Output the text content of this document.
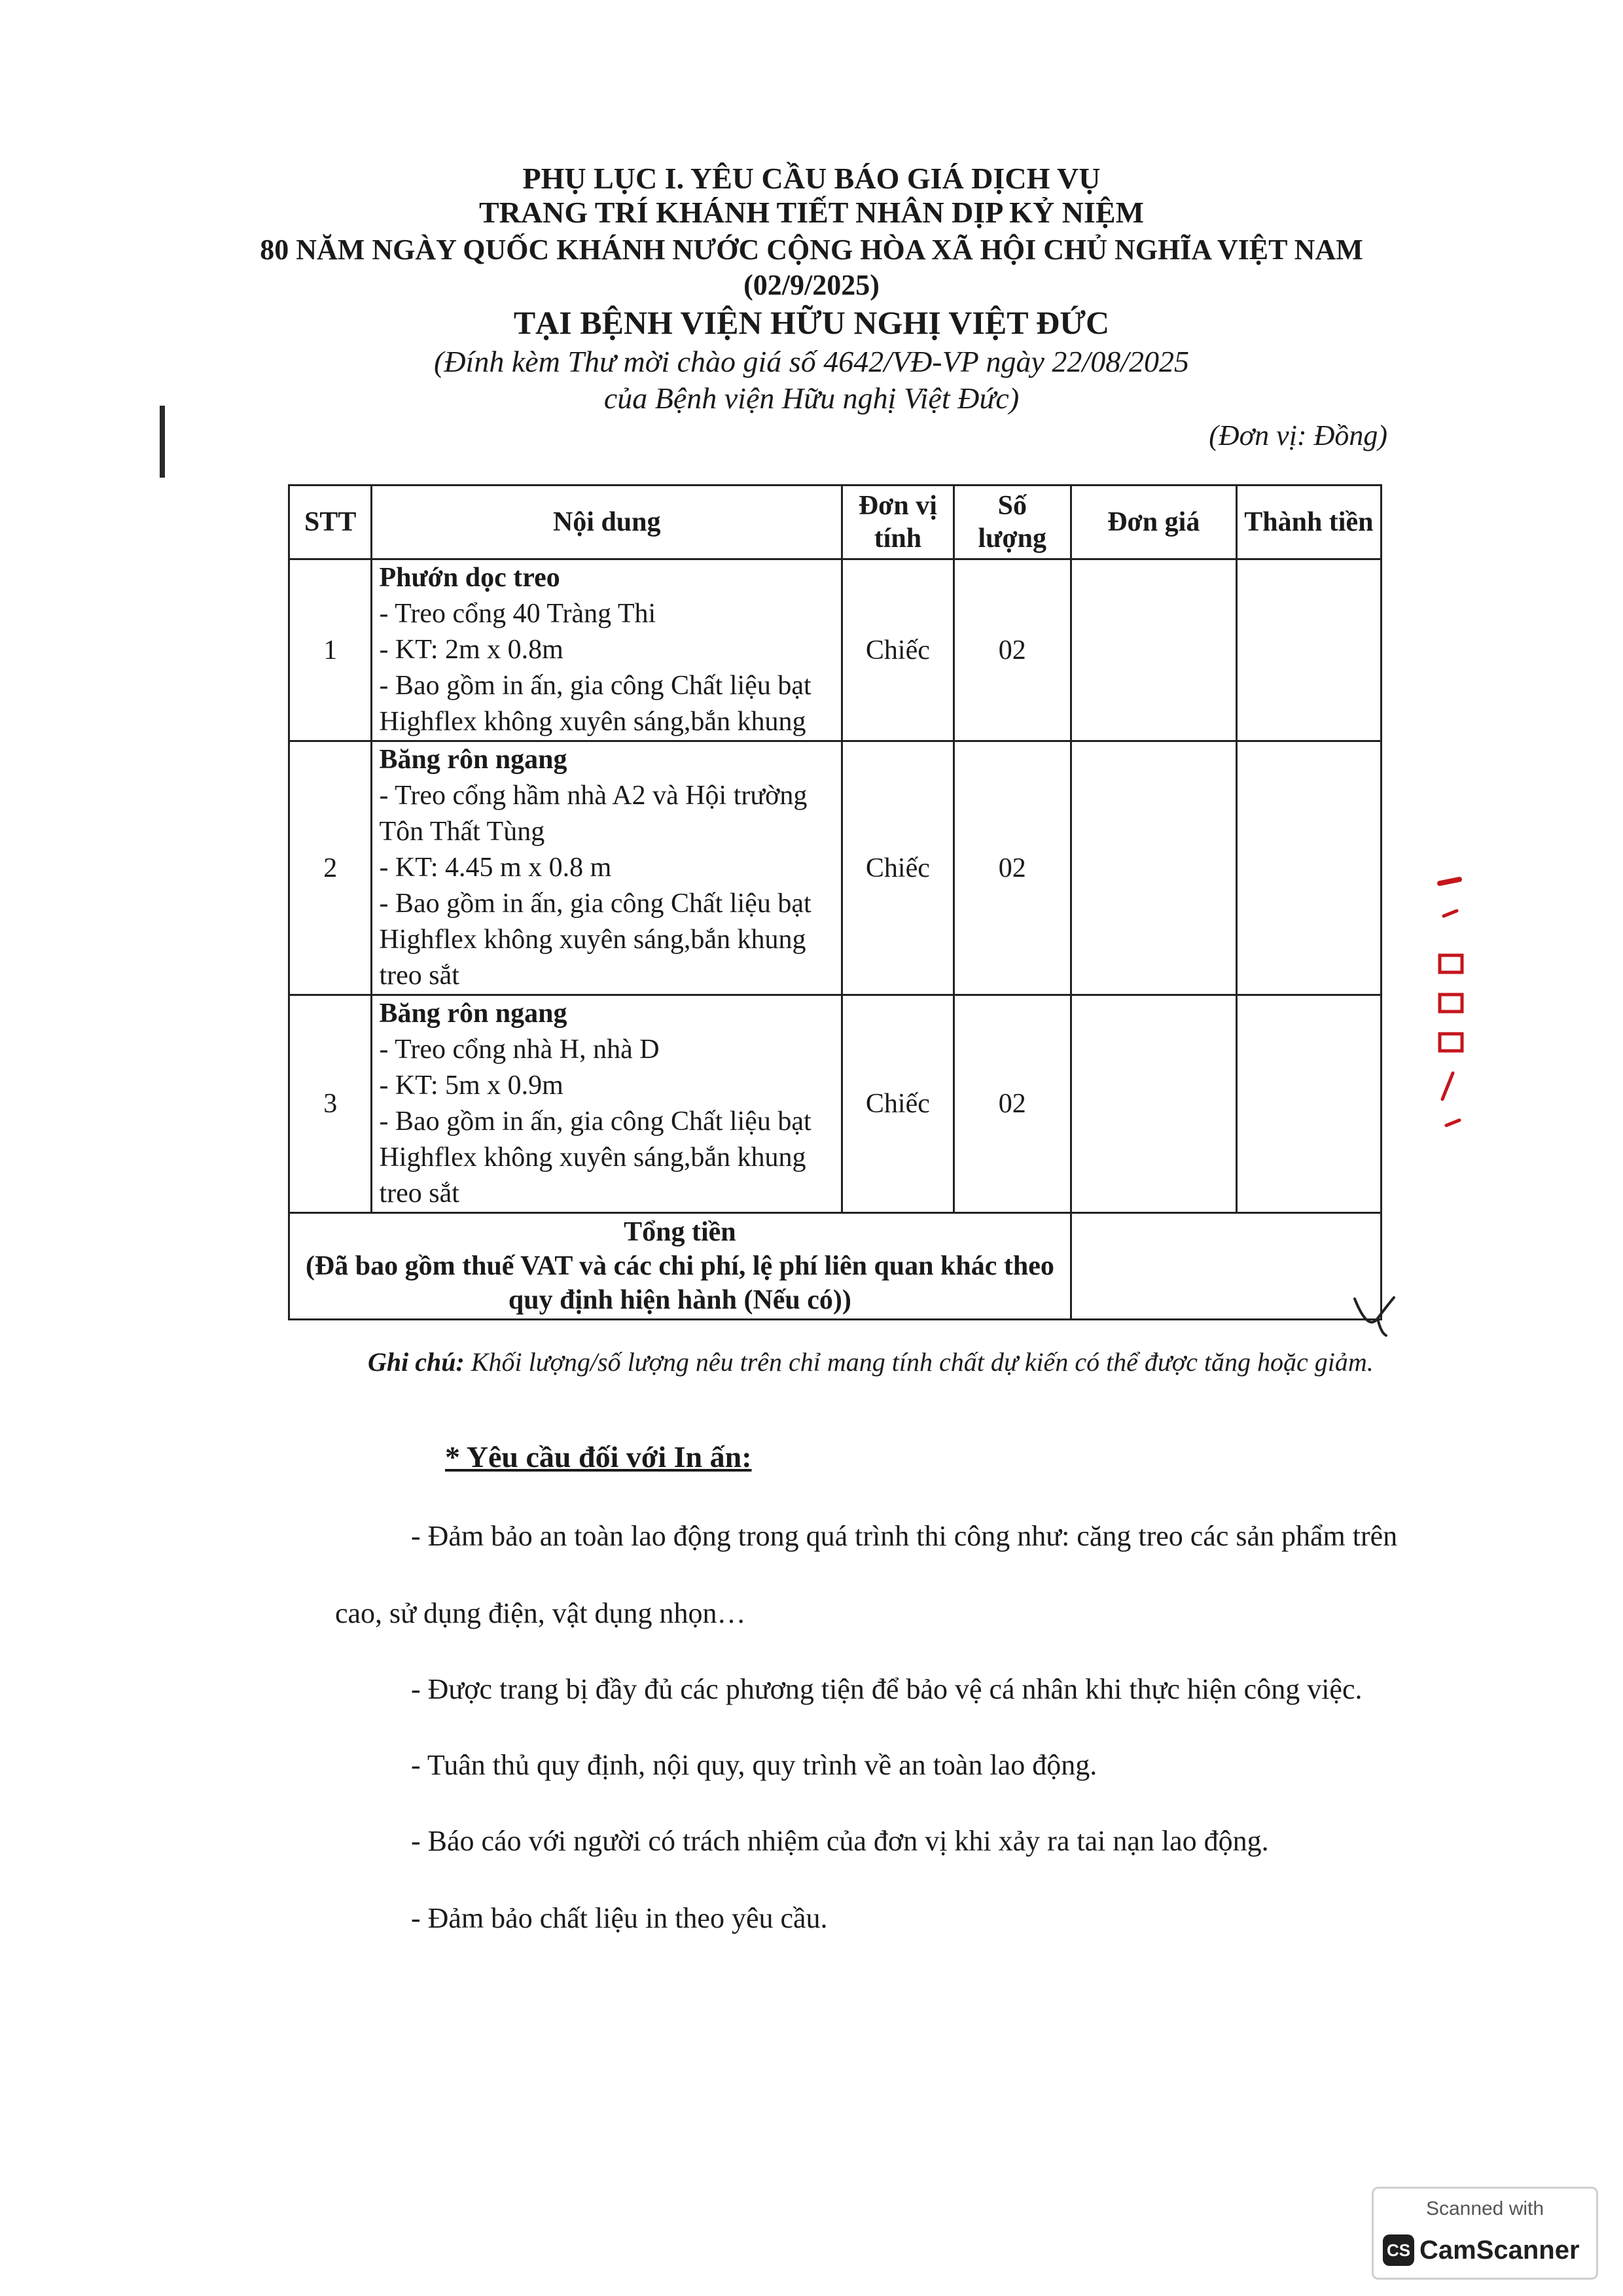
PHỤ LỤC I. YÊU CẦU BÁO GIÁ DỊCH VỤ
TRANG TRÍ KHÁNH TIẾT NHÂN DỊP KỶ NIỆM
80 NĂM NGÀY QUỐC KHÁNH NƯỚC CỘNG HÒA XÃ HỘI CHỦ NGHĨA VIỆT NAM
(02/9/2025)
TẠI BỆNH VIỆN HỮU NGHỊ VIỆT ĐỨC
(Đính kèm Thư mời chào giá số 4642/VĐ-VP ngày 22/08/2025
của Bệnh viện Hữu nghị Việt Đức)
(Đơn vị: Đồng)
STT	Nội dung	Đơn vị tính	Số lượng	Đơn giá	Thành tiền
1	Phướn dọc treo
- Treo cổng 40 Tràng Thi
- KT: 2m x 0.8m
- Bao gồm in ấn, gia công Chất liệu bạt Highflex không xuyên sáng,bắn khung	Chiếc	02		
2	Băng rôn ngang
- Treo cổng hầm nhà A2 và Hội trường Tôn Thất Tùng
- KT: 4.45 m x 0.8 m
- Bao gồm in ấn, gia công Chất liệu bạt Highflex không xuyên sáng,bắn khung treo sắt	Chiếc	02		
3	Băng rôn ngang
- Treo cổng nhà H, nhà D
- KT: 5m x 0.9m
- Bao gồm in ấn, gia công Chất liệu bạt Highflex không xuyên sáng,bắn khung treo sắt	Chiếc	02		

Tổng tiền
(Đã bao gồm thuế VAT và các chi phí, lệ phí liên quan khác theo quy định hiện hành (Nếu có))					

Ghi chú: Khối lượng/số lượng nêu trên chỉ mang tính chất dự kiến có thể được tăng hoặc giảm.
* Yêu cầu đối với In ấn:
- Đảm bảo an toàn lao động trong quá trình thi công như: căng treo các sản phẩm trên
cao, sử dụng điện, vật dụng nhọn…
- Được trang bị đầy đủ các phương tiện để bảo vệ cá nhân khi thực hiện công việc.
- Tuân thủ quy định, nội quy, quy trình về an toàn lao động.
- Báo cáo với người có trách nhiệm của đơn vị khi xảy ra tai nạn lao động.
- Đảm bảo chất liệu in theo yêu cầu.
Scanned with
CS CamScanner
